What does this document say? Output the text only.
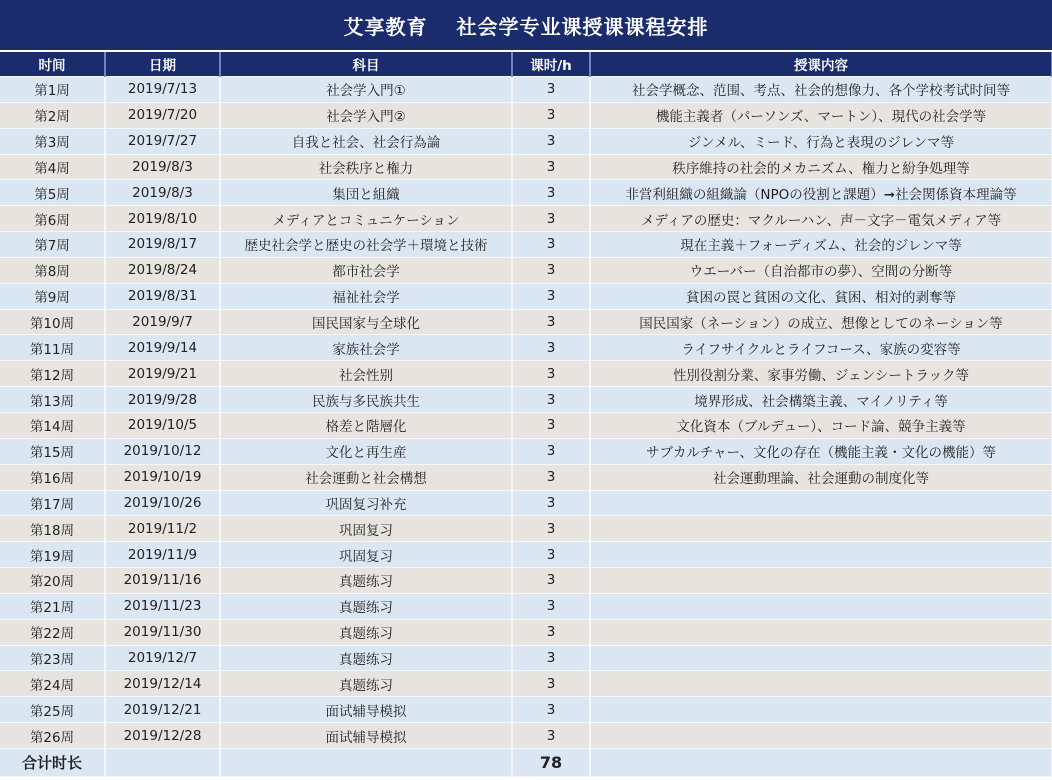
艾享教育　 社会学专业课授课课程安排
时间	日期	科目	课时/h	授课内容
第1周	2019/7/13	社会学入門①	3	社会学概念、范围、考点、社会的想像力、各个学校考试时间等
第2周	2019/7/20	社会学入門②	3	機能主義者（パーソンズ、マートン）、現代の社会学等
第3周	2019/7/27	自我と社会、社会行為論	3	ジンメル、ミード、行為と表現のジレンマ等
第4周	2019/8/3	社会秩序と権力	3	秩序維持の社会的メカニズム、権力と紛争処理等
第5周	2019/8/3	集団と組織	3	非営利組織の組織論（NPOの役割と課題）➞社会関係資本理論等
第6周	2019/8/10	メディアとコミュニケーション	3	メディアの歴史：マクルーハン、声－文字－電気メディア等
第7周	2019/8/17	歴史社会学と歴史の社会学＋環境と技術	3	現在主義＋フォーディズム、社会的ジレンマ等
第8周	2019/8/24	都市社会学	3	ウエーバー（自治都市の夢）、空間の分断等
第9周	2019/8/31	福祉社会学	3	貧困の罠と貧困の文化、貧困、相対的剥奪等
第10周	2019/9/7	国民国家与全球化	3	国民国家（ネーション）の成立、想像としてのネーション等
第11周	2019/9/14	家族社会学	3	ライフサイクルとライフコース、家族の変容等
第12周	2019/9/21	社会性别	3	性別役割分業、家事労働、ジェンシートラック等
第13周	2019/9/28	民族与多民族共生	3	境界形成、社会構築主義、マイノリティ等
第14周	2019/10/5	格差と階層化	3	文化資本（ブルデュー）、コード論、競争主義等
第15周	2019/10/12	文化と再生産	3	サブカルチャー、文化の存在（機能主義・文化の機能）等
第16周	2019/10/19	社会運動と社会構想	3	社会運動理論、社会運動の制度化等
第17周	2019/10/26	巩固复习补充	3	
第18周	2019/11/2	巩固复习	3	
第19周	2019/11/9	巩固复习	3	
第20周	2019/11/16	真题练习	3	
第21周	2019/11/23	真题练习	3	
第22周	2019/11/30	真题练习	3	
第23周	2019/12/7	真题练习	3	
第24周	2019/12/14	真题练习	3	
第25周	2019/12/21	面试辅导模拟	3	
第26周	2019/12/28	面试辅导模拟	3	
合计时长			78	
